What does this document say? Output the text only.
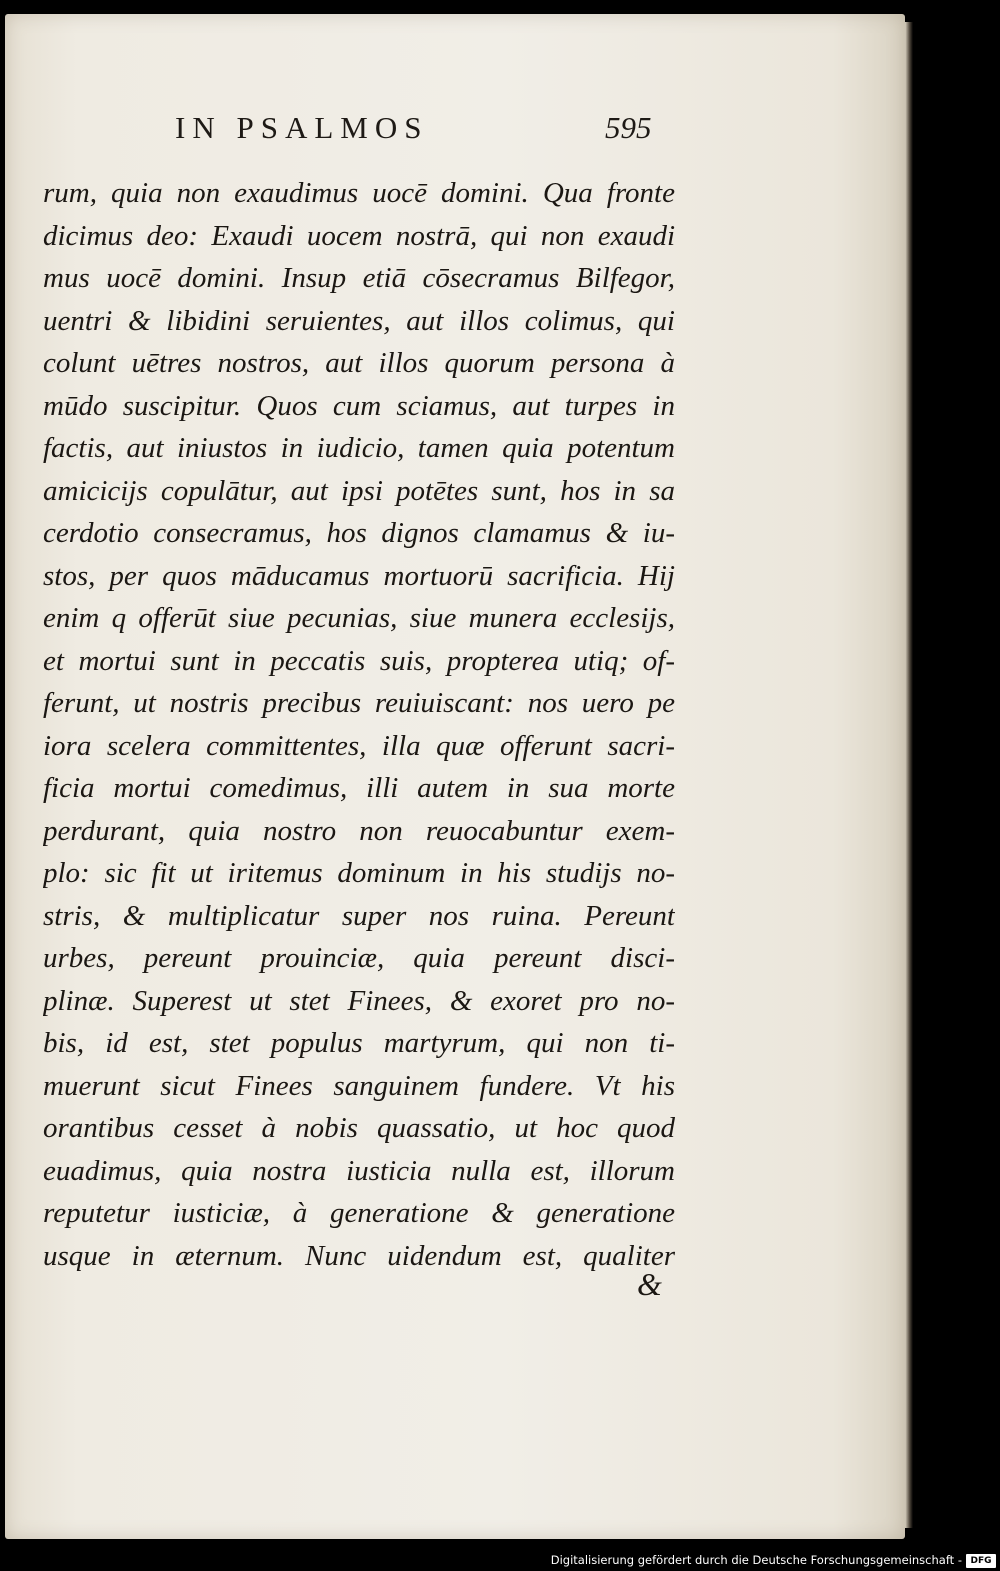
IN PSALMOS	595
rum, quia non exaudimus uocē domini. Qua fronte
dicimus deo: Exaudi uocem nostrā, qui non exaudi
mus uocē domini. Insup etiā cōsecramus Bilfegor,
uentri & libidini seruientes, aut illos colimus, qui
colunt uētres nostros, aut illos quorum persona à
mūdo suscipitur. Quos cum sciamus, aut turpes in
factis, aut iniustos in iudicio, tamen quia potentum
amicicijs copulātur, aut ipsi potētes sunt, hos in sa
cerdotio consecramus, hos dignos clamamus & iu-
stos, per quos māducamus mortuorū sacrificia. Hij
enim q offerūt siue pecunias, siue munera ecclesijs,
et mortui sunt in peccatis suis, propterea utiq; of-
ferunt, ut nostris precibus reuiuiscant: nos uero pe
iora scelera committentes, illa quæ offerunt sacri-
ficia mortui comedimus, illi autem in sua morte
perdurant, quia nostro non reuocabuntur exem-
plo: sic fit ut iritemus dominum in his studijs no-
stris, & multiplicatur super nos ruina. Pereunt
urbes, pereunt prouinciæ, quia pereunt disci-
plinæ. Superest ut stet Finees, & exoret pro no-
bis, id est, stet populus martyrum, qui non ti-
muerunt sicut Finees sanguinem fundere. Vt his
orantibus cesset à nobis quassatio, ut hoc quod
euadimus, quia nostra iusticia nulla est, illorum
reputetur iusticiæ, à generatione & generatione
usque in æternum. Nunc uidendum est, qualiter
&
Digitalisierung gefördert durch die Deutsche Forschungsgemeinschaft - DFG
